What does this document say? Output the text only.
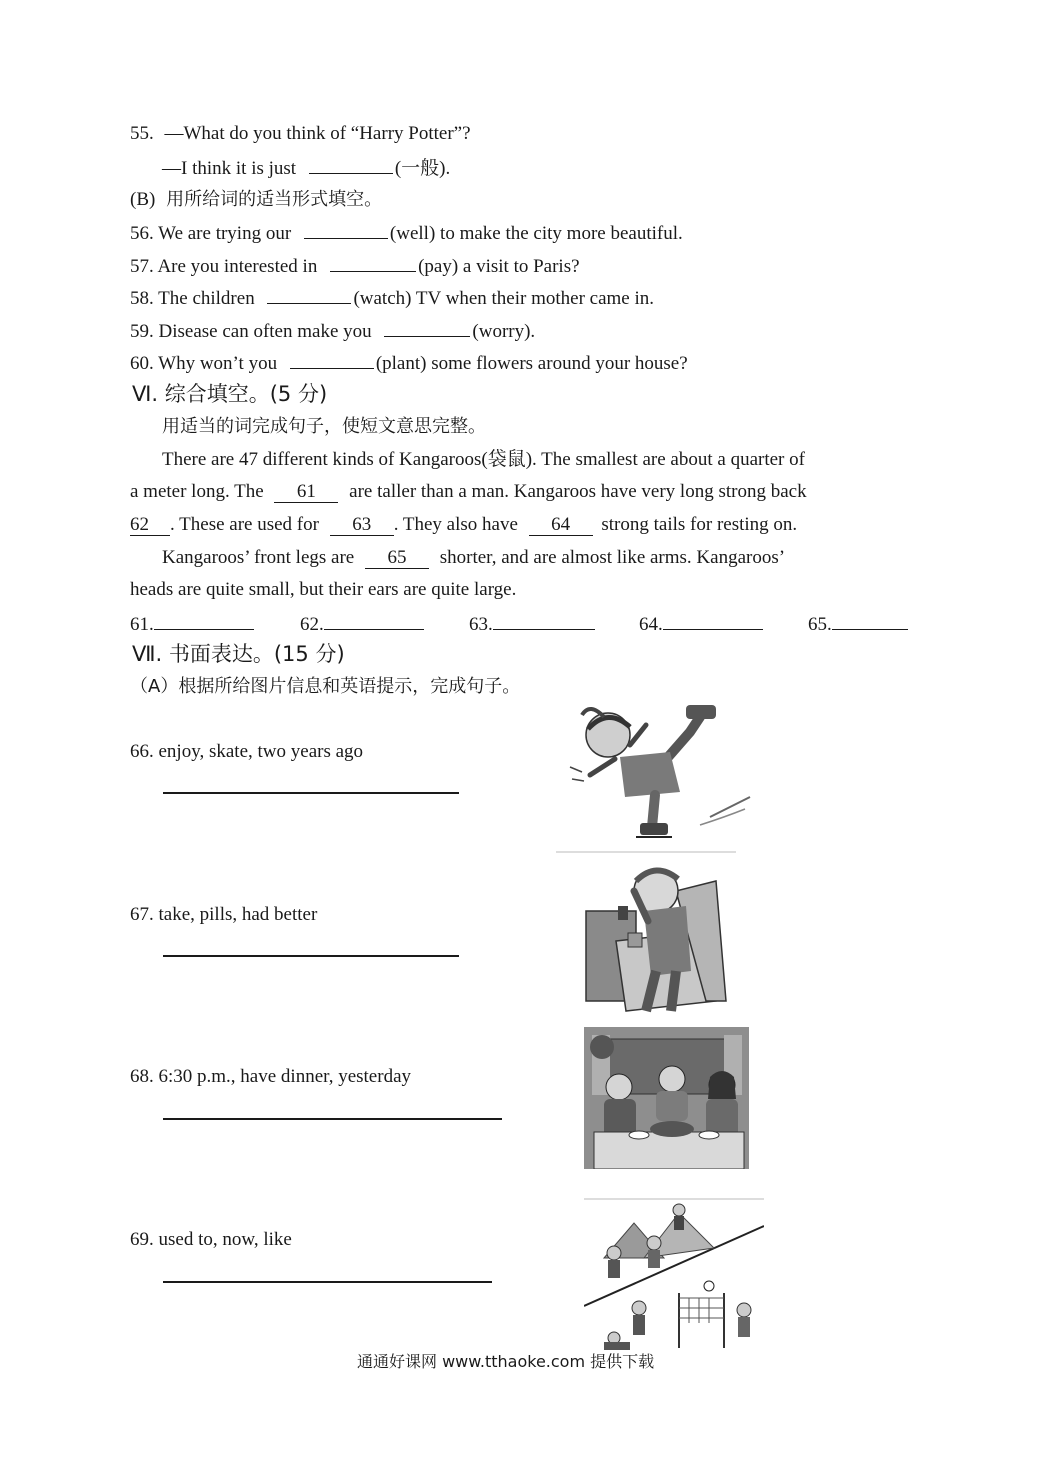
55. —What do you think of “Harry Potter”?
—I think it is just	(一般).
(B) 用所给词的适当形式填空。
56. We are trying our	(well) to make the city more beautiful.
57. Are you interested in	(pay) a visit to Paris?
58. The children	(watch) TV when their mother came in.
59. Disease can often make you	(worry).
60. Why won’t you	(plant) some flowers around your house?
Ⅵ. 综合填空。(5 分)
用适当的词完成句子，使短文意思完整。
There are 47 different kinds of Kangaroos(袋鼠). The smallest are about a quarter of
a meter long. The 61 are taller than a man. Kangaroos have very long strong back
62 . These are used for 63 . They also have 64 strong tails for resting on.
Kangaroos’ front legs are 65 shorter, and are almost like arms. Kangaroos’
heads are quite small, but their ears are quite large.
61.	62.	63.	64.	65.
Ⅶ. 书面表达。(15 分)
（A）根据所给图片信息和英语提示，完成句子。
66. enjoy, skate, two years ago
67. take, pills, had better
68. 6:30 p.m., have dinner, yesterday
69. used to, now, like
通通好课网 www.tthaoke.com 提供下载
